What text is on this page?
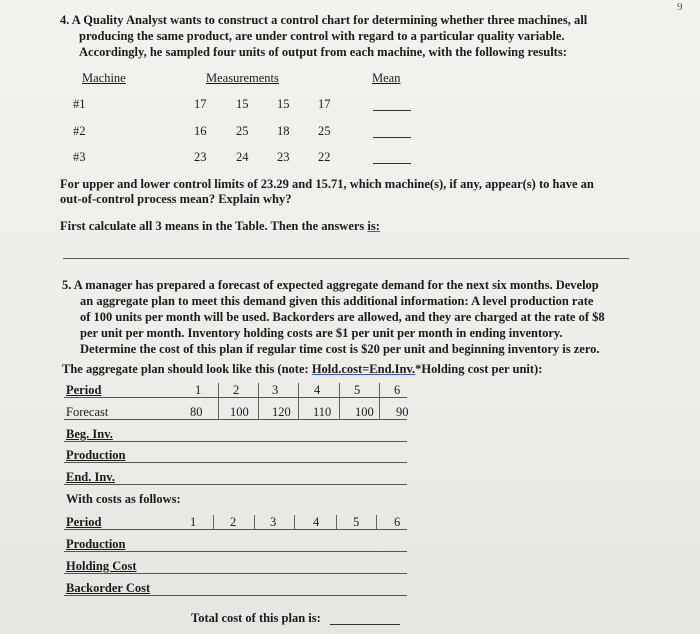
9
4. A Quality Analyst wants to construct a control chart for determining whether three machines, all
producing the same product, are under control with regard to a particular quality variable.
Accordingly, he sampled four units of output from each machine, with the following results:
Machine	Measurements	Mean
#1	17 15 15 17
#2	16 25 18 25
#3	23 24 23 22
For upper and lower control limits of 23.29 and 15.71, which machine(s), if any, appear(s) to have an
out-of-control process mean? Explain why?
First calculate all 3 means in the Table. Then the answers is:
5. A manager has prepared a forecast of expected aggregate demand for the next six months. Develop
an aggregate plan to meet this demand given this additional information: A level production rate
of 100 units per month will be used. Backorders are allowed, and they are charged at the rate of $8
per unit per month. Inventory holding costs are $1 per unit per month in ending inventory.
Determine the cost of this plan if regular time cost is $20 per unit and beginning inventory is zero.
The aggregate plan should look like this (note: Hold.cost=End.Inv.*Holding cost per unit):
Period	1	2	3	4	5	6
Forecast	80 100 120 110 100 90
Beg. Inv.
Production
End. Inv.
With costs as follows:
Period	1	2	3	4	5	6
Production
Holding Cost
Backorder Cost
Total cost of this plan is:
